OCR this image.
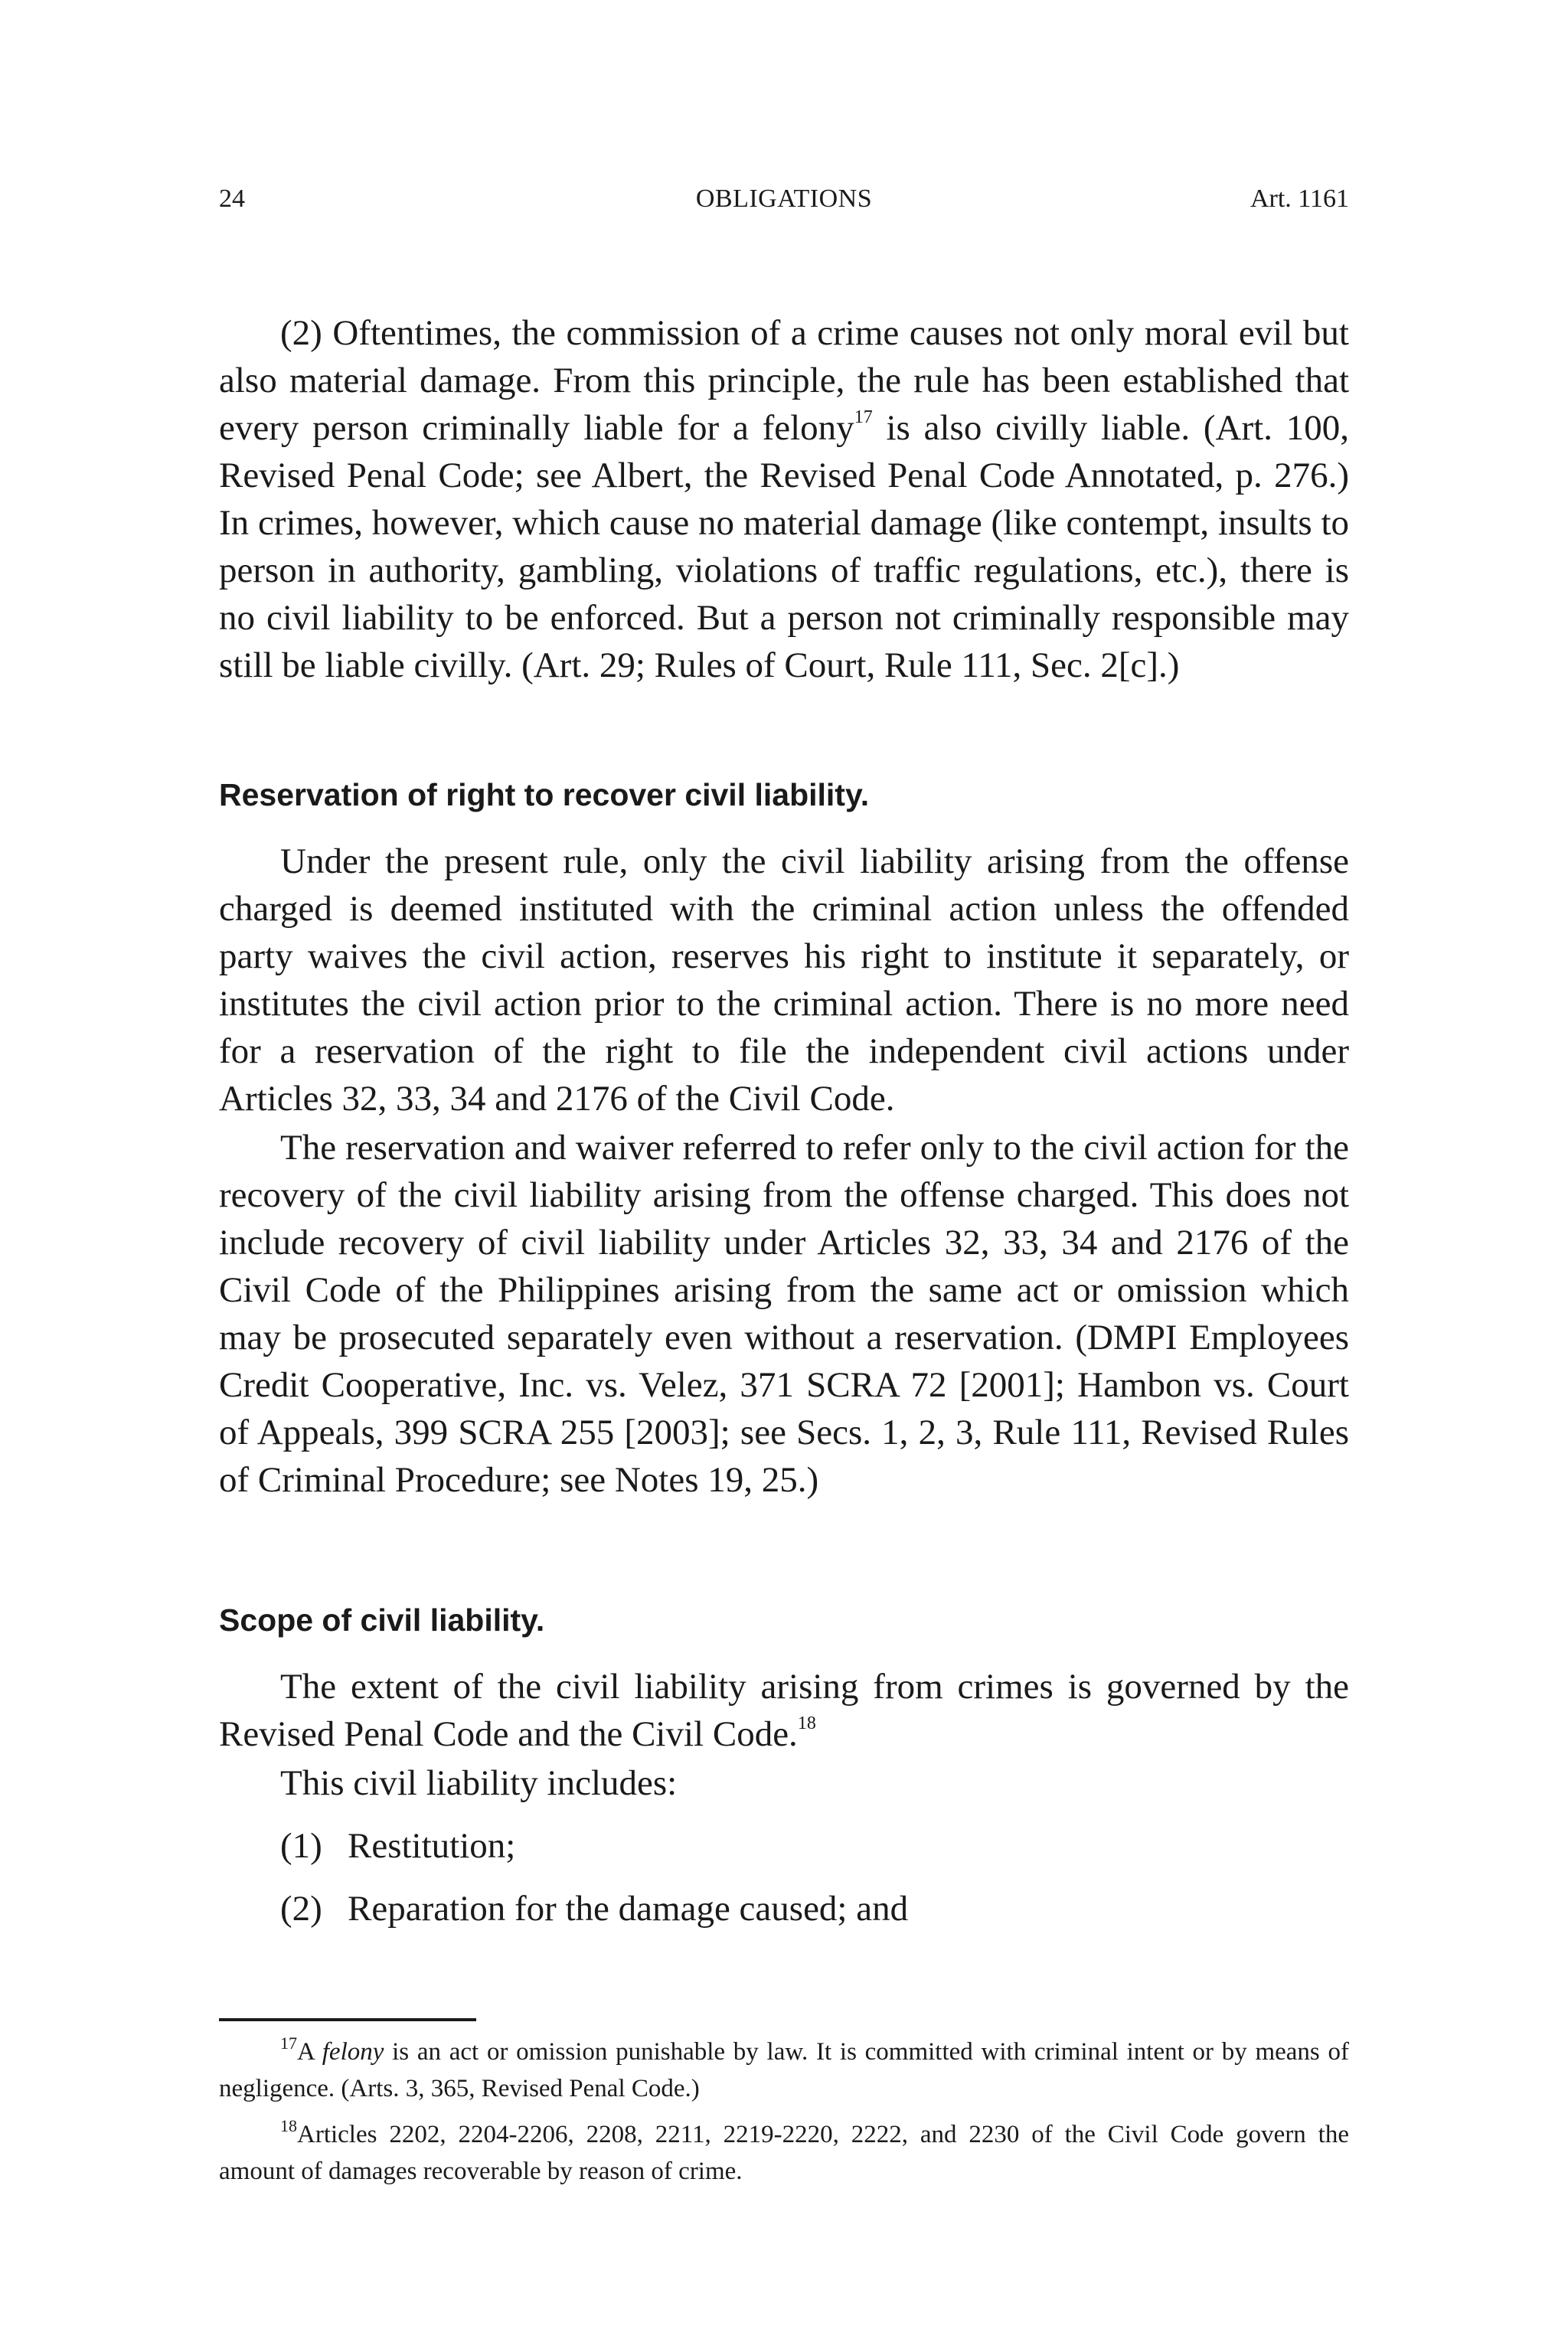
24	OBLIGATIONS	Art. 1161

(2) Oftentimes, the commission of a crime causes not only moral evil but also material damage. From this principle, the rule has been established that every person criminally liable for a felony$^{17}$ is also civilly liable. (Art. 100, Revised Penal Code; see Albert, the Revised Penal Code Annotated, p. 276.) In crimes, however, which cause no material damage (like contempt, insults to person in authority, gambling, violations of traffic regulations, etc.), there is no civil liability to be enforced. But a person not criminally responsible may still be liable civilly. (Art. 29; Rules of Court, Rule 111, Sec. 2[c].)

Reservation of right to recover civil liability.

Under the present rule, only the civil liability arising from the offense charged is deemed instituted with the criminal action unless the offended party waives the civil action, reserves his right to institute it separately, or institutes the civil action prior to the criminal action. There is no more need for a reservation of the right to file the independent civil actions under Articles 32, 33, 34 and 2176 of the Civil Code.

The reservation and waiver referred to refer only to the civil action for the recovery of the civil liability arising from the offense charged. This does not include recovery of civil liability under Articles 32, 33, 34 and 2176 of the Civil Code of the Philippines arising from the same act or omission which may be prosecuted separately even without a reservation. (DMPI Employees Credit Cooperative, Inc. vs. Velez, 371 SCRA 72 [2001]; Hambon vs. Court of Appeals, 399 SCRA 255 [2003]; see Secs. 1, 2, 3, Rule 111, Revised Rules of Criminal Procedure; see Notes 19, 25.)

Scope of civil liability.

The extent of the civil liability arising from crimes is governed by the Revised Penal Code and the Civil Code.$^{18}$

This civil liability includes:

(1) Restitution;
(2) Reparation for the damage caused; and

$^{17}$A felony is an act or omission punishable by law. It is committed with criminal intent or by means of negligence. (Arts. 3, 365, Revised Penal Code.)

$^{18}$Articles 2202, 2204-2206, 2208, 2211, 2219-2220, 2222, and 2230 of the Civil Code govern the amount of damages recoverable by reason of crime.
